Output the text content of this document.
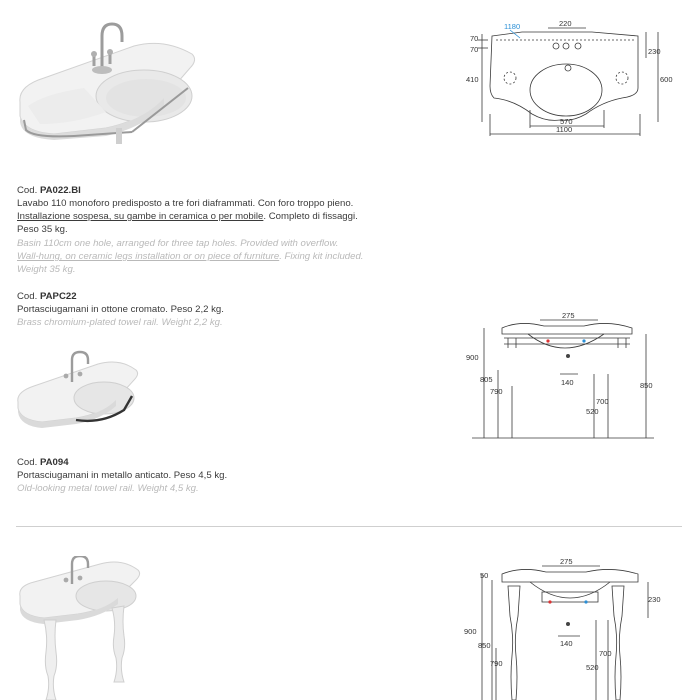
1180	220
70
70	230
410	600
570
1100
Cod. PA022.BI
Lavabo 110 monoforo predisposto a tre fori diaframmati. Con foro troppo pieno.
Installazione sospesa, su gambe in ceramica o per mobile. Completo di fissaggi.
Peso 35 kg.
Basin 110cm one hole, arranged for three tap holes. Provided with overflow.
Wall-hung, on ceramic legs installation or on piece of furniture. Fixing kit included.
Weight 35 kg.
Cod. PAPC22
Portasciugamani in ottone cromato. Peso 2,2 kg.
Brass chromium-plated towel rail. Weight 2,2 kg.
275
900
805
790
140	850
700
520
Cod. PA094
Portasciugamani in metallo anticato. Peso 4,5 kg.
Old-looking metal towel rail. Weight 4,5 kg.
275
50
230
900
850	140
790
700
520
